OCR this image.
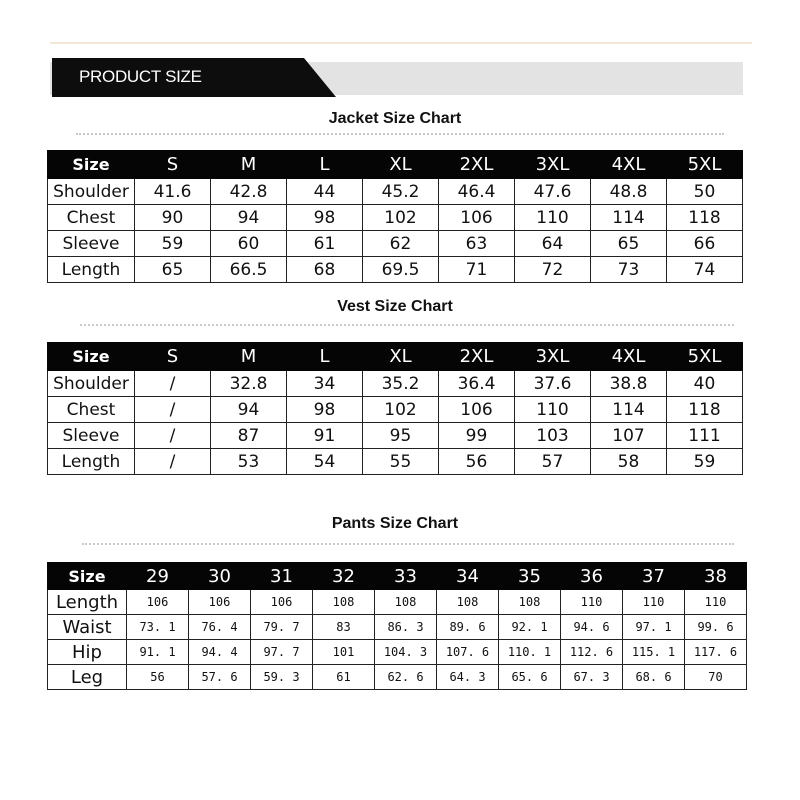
PRODUCT SIZE
Jacket Size Chart
Size	S	M	L	XL	2XL	3XL	4XL	5XL
Shoulder	41.6	42.8	44	45.2	46.4	47.6	48.8	50
Chest	90	94	98	102	106	110	114	118
Sleeve	59	60	61	62	63	64	65	66
Length	65	66.5	68	69.5	71	72	73	74
Vest Size Chart
Size	S	M	L	XL	2XL	3XL	4XL	5XL
Shoulder	/	32.8	34	35.2	36.4	37.6	38.8	40
Chest	/	94	98	102	106	110	114	118
Sleeve	/	87	91	95	99	103	107	111
Length	/	53	54	55	56	57	58	59
Pants Size Chart
Size	29	30	31	32	33	34	35	36	37	38
Length	106	106	106	108	108	108	108	110	110	110
Waist	73. 1	76. 4	79. 7	83	86. 3	89. 6	92. 1	94. 6	97. 1	99. 6
Hip	91. 1	94. 4	97. 7	101	104. 3	107. 6	110. 1	112. 6	115. 1	117. 6
Leg	56	57. 6	59. 3	61	62. 6	64. 3	65. 6	67. 3	68. 6	70
